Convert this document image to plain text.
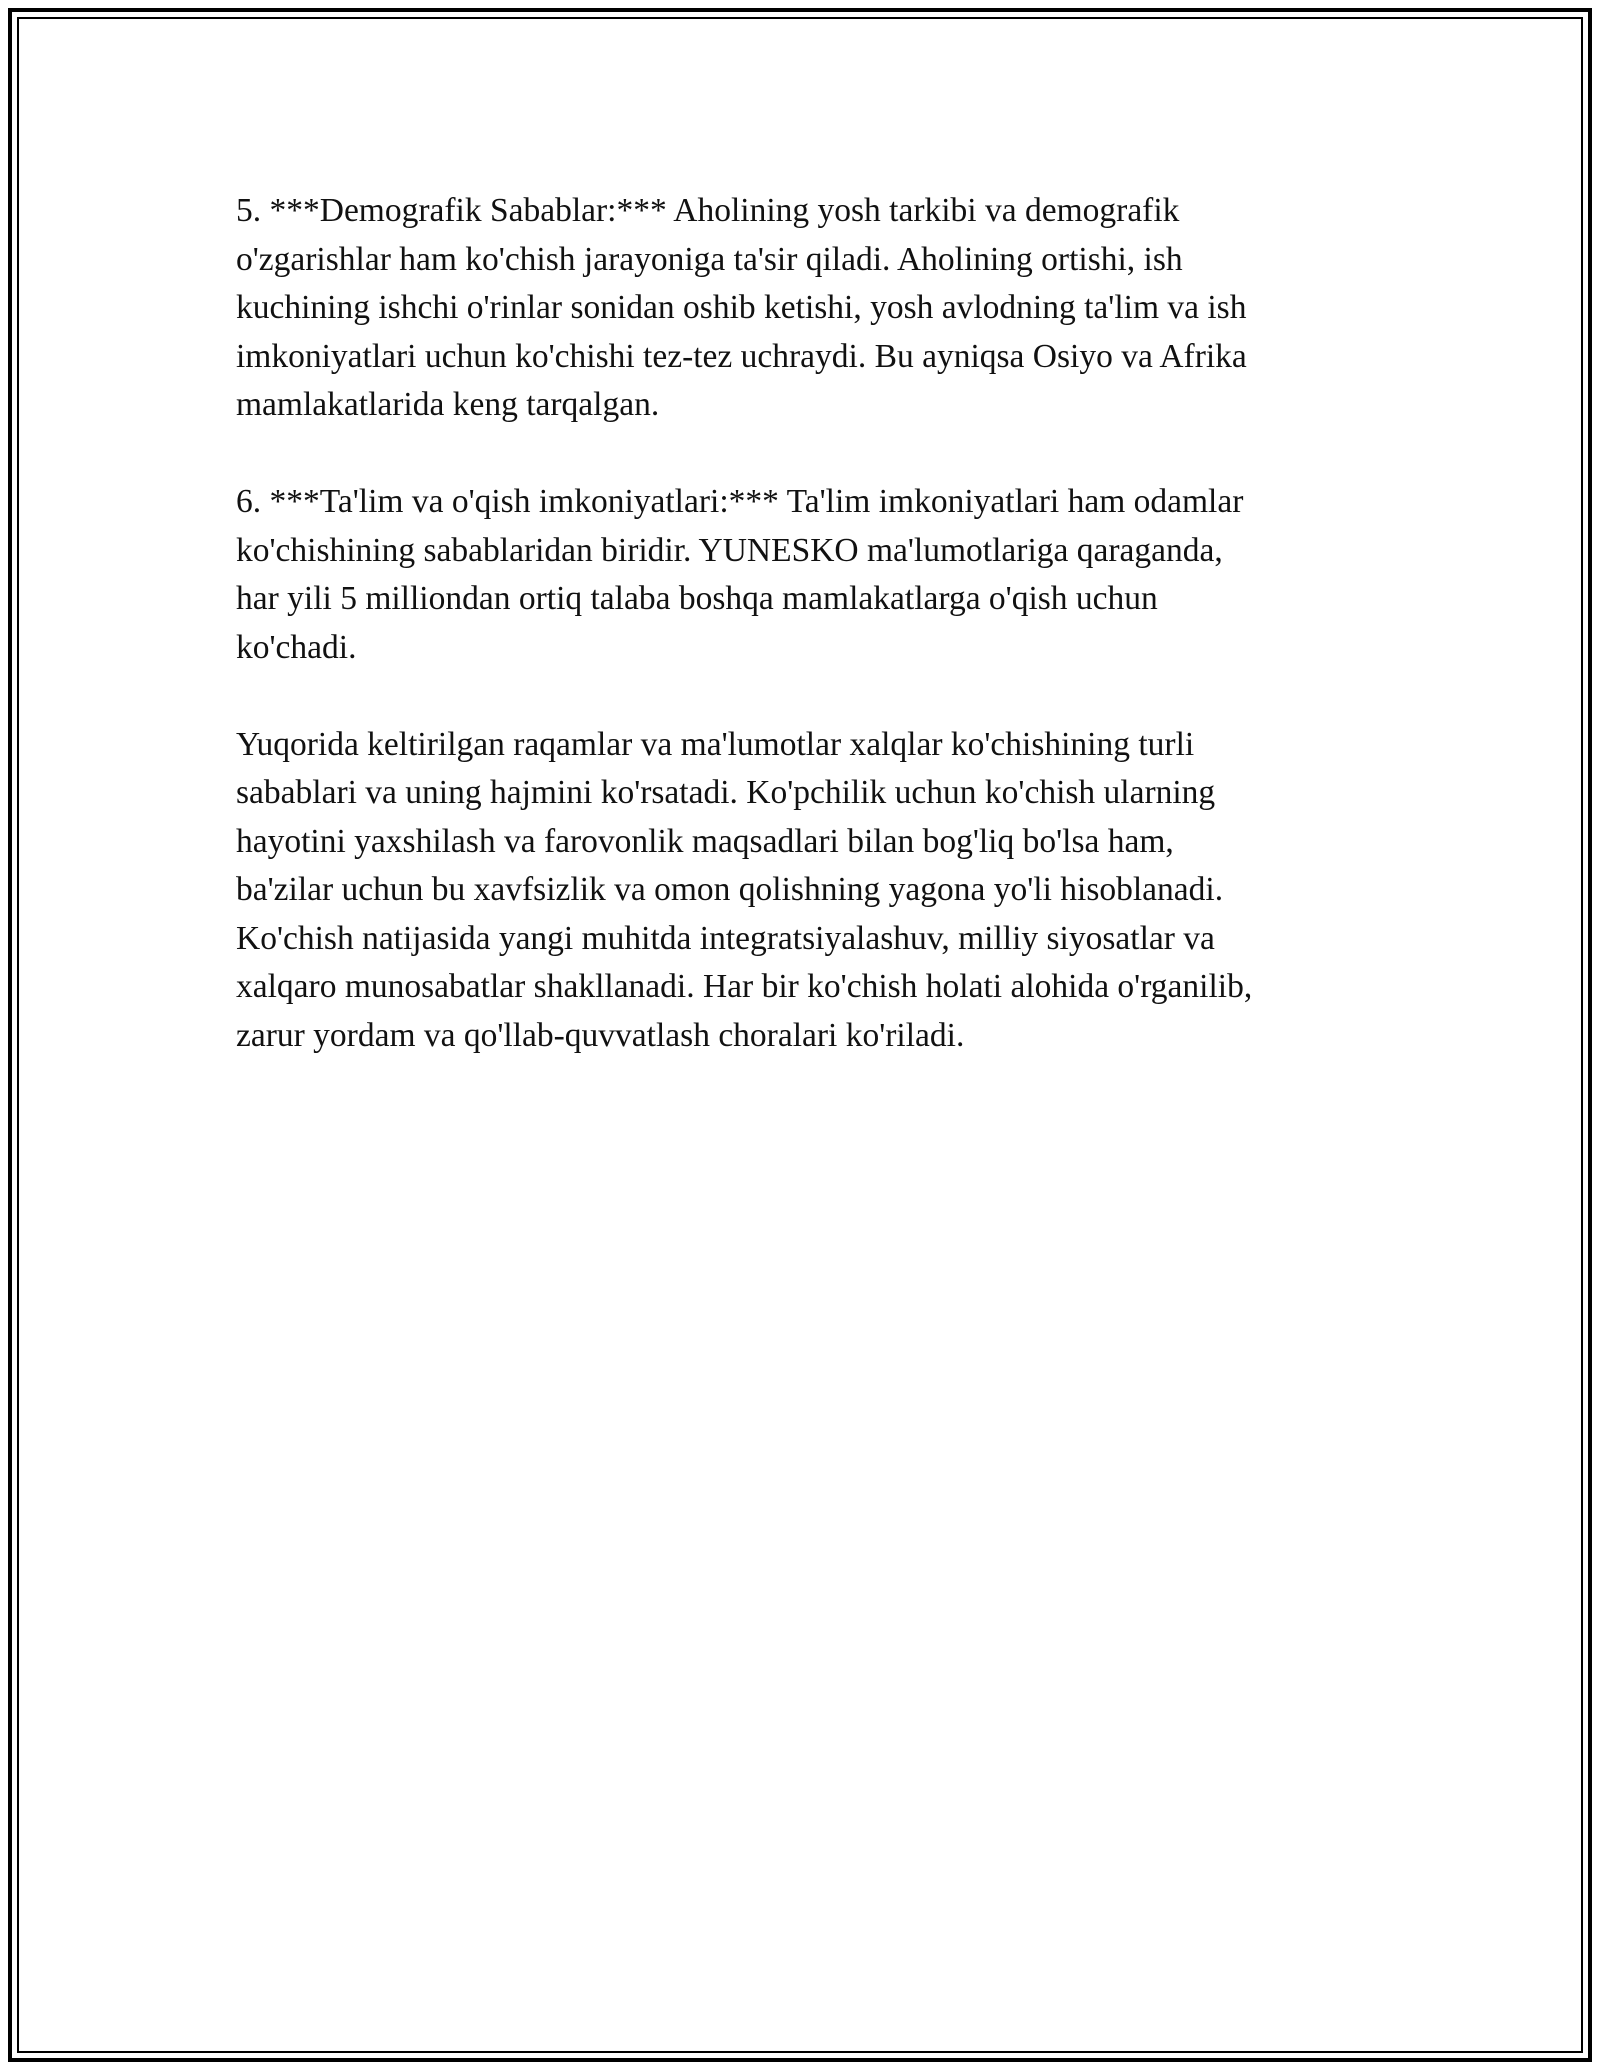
5. ***Demografik Sabablar:*** Aholining yosh tarkibi va demografik
o'zgarishlar ham ko'chish jarayoniga ta'sir qiladi. Aholining ortishi, ish
kuchining ishchi o'rinlar sonidan oshib ketishi, yosh avlodning ta'lim va ish
imkoniyatlari uchun ko'chishi tez-tez uchraydi. Bu ayniqsa Osiyo va Afrika
mamlakatlarida keng tarqalgan.

6. ***Ta'lim va o'qish imkoniyatlari:*** Ta'lim imkoniyatlari ham odamlar
ko'chishining sabablaridan biridir. YUNESKO ma'lumotlariga qaraganda,
har yili 5 milliondan ortiq talaba boshqa mamlakatlarga o'qish uchun
ko'chadi.

Yuqorida keltirilgan raqamlar va ma'lumotlar xalqlar ko'chishining turli
sabablari va uning hajmini ko'rsatadi. Ko'pchilik uchun ko'chish ularning
hayotini yaxshilash va farovonlik maqsadlari bilan bog'liq bo'lsa ham,
ba'zilar uchun bu xavfsizlik va omon qolishning yagona yo'li hisoblanadi.
Ko'chish natijasida yangi muhitda integratsiyalashuv, milliy siyosatlar va
xalqaro munosabatlar shakllanadi. Har bir ko'chish holati alohida o'rganilib,
zarur yordam va qo'llab-quvvatlash choralari ko'riladi.
